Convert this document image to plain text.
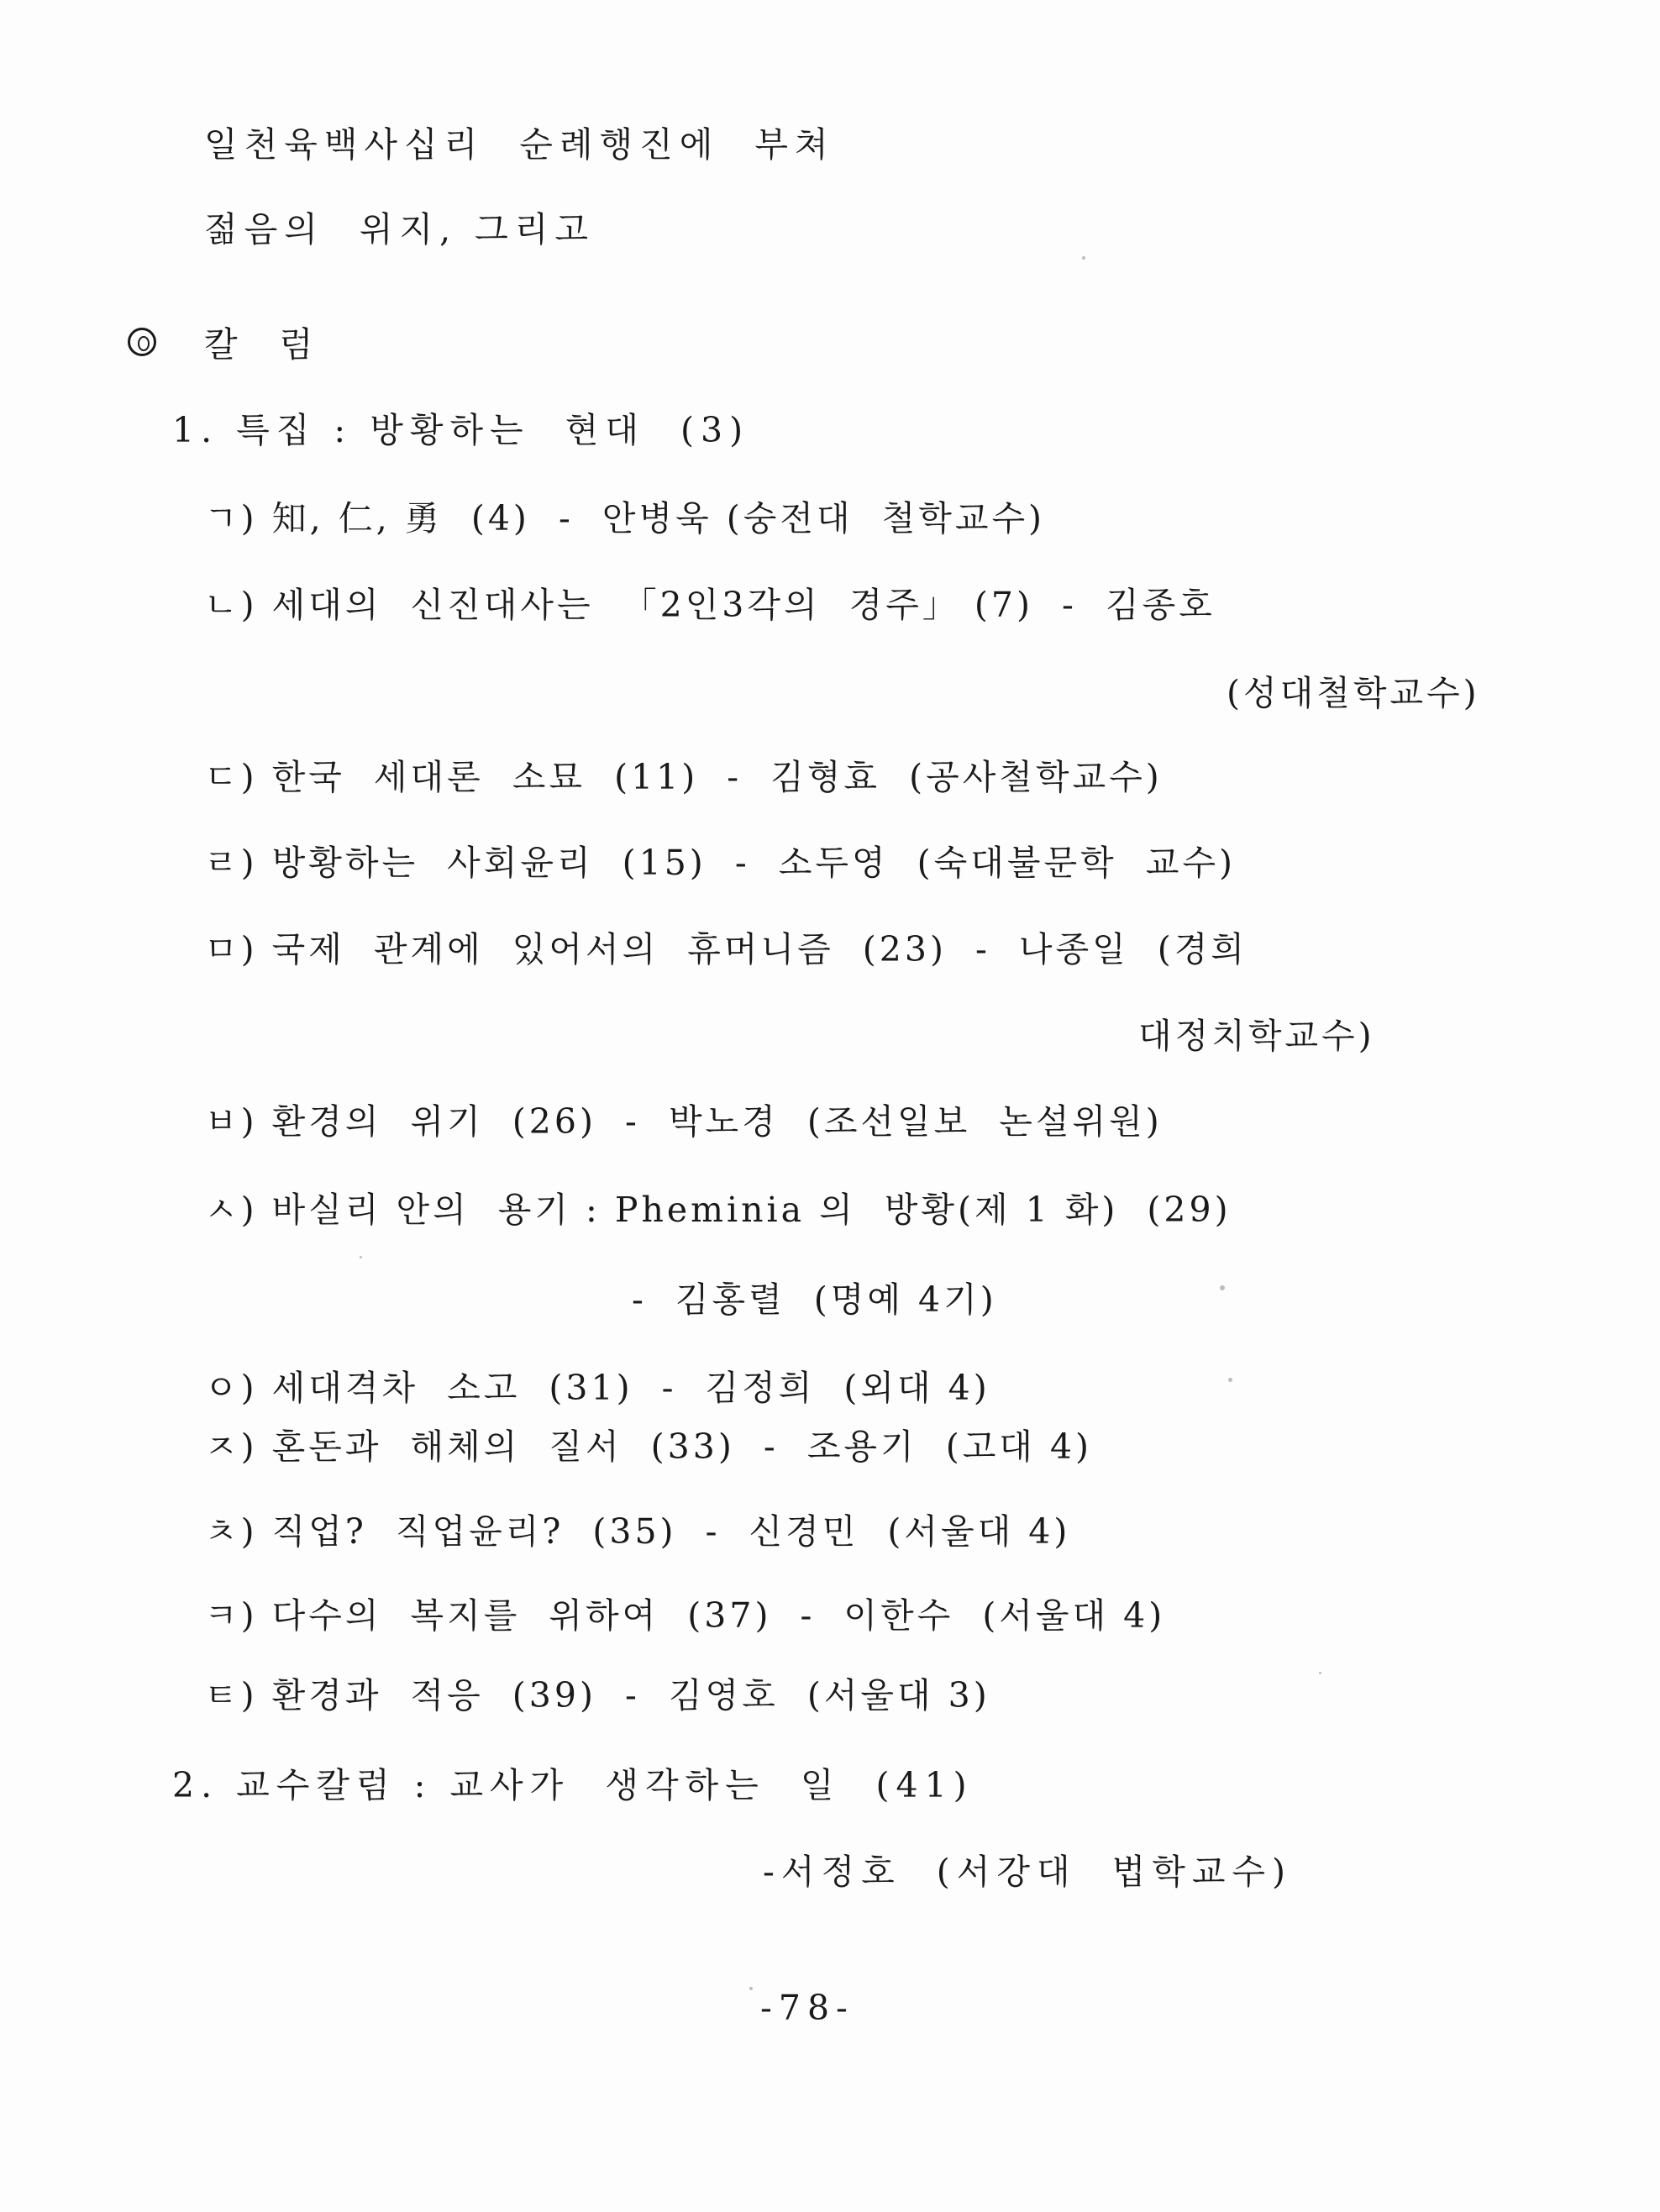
일천육백사십리  순례행진에  부쳐
젊음의  위지, 그리고
칼  럼
1. 특집 : 방황하는  현대  (3)
ㄱ) 知, 仁, 勇  (4)  -  안병욱 (숭전대  철학교수)
ㄴ) 세대의  신진대사는  「2인3각의  경주」 (7)  -  김종호
(성대철학교수)
ㄷ) 한국  세대론  소묘  (11)  -  김형효  (공사철학교수)
ㄹ) 방황하는  사회윤리  (15)  -  소두영  (숙대불문학  교수)
ㅁ) 국제  관계에  있어서의  휴머니즘  (23)  -  나종일  (경희
대정치학교수)
ㅂ) 환경의  위기  (26)  -  박노경  (조선일보  논설위원)
ㅅ) 바실리 안의  용기 : Pheminia 의  방황(제 1 화)  (29)
-  김홍렬  (명예 4기)
ㅇ) 세대격차  소고  (31)  -  김정희  (외대 4)
ㅈ) 혼돈과  해체의  질서  (33)  -  조용기  (고대 4)
ㅊ) 직업?  직업윤리?  (35)  -  신경민  (서울대 4)
ㅋ) 다수의  복지를  위하여  (37)  -  이한수  (서울대 4)
ㅌ) 환경과  적응  (39)  -  김영호  (서울대 3)
2. 교수칼럼 : 교사가  생각하는  일  (41)
-서정호  (서강대  법학교수)
-78-
